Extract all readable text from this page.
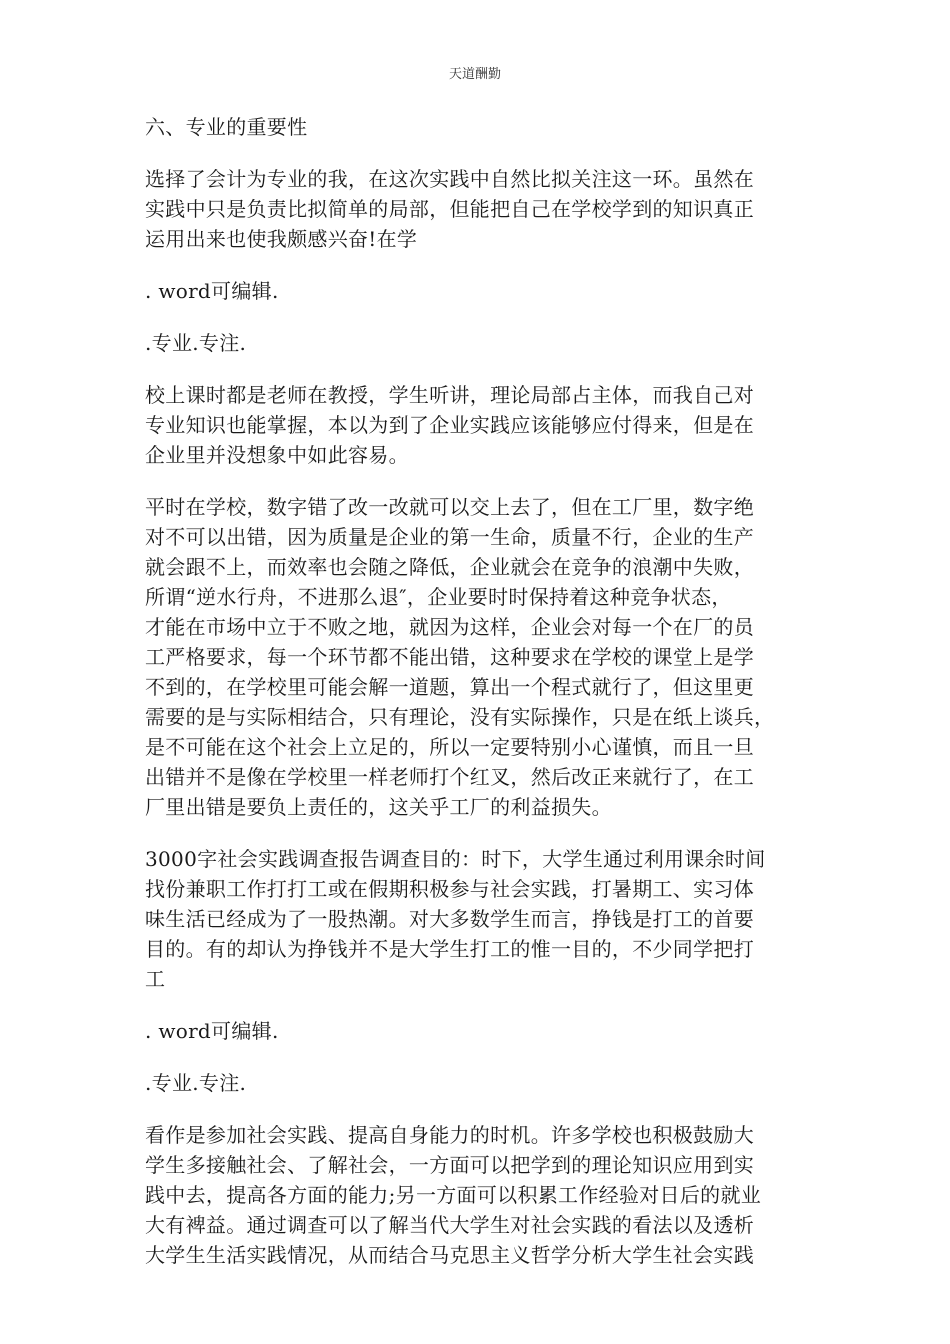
天道酬勤

六、专业的重要性

选择了会计为专业的我，在这次实践中自然比拟关注这一环。虽然在
实践中只是负责比拟简单的局部，但能把自己在学校学到的知识真正
运用出来也使我颇感兴奋!在学

. word可编辑.

.专业.专注.

校上课时都是老师在教授，学生听讲，理论局部占主体，而我自己对
专业知识也能掌握，本以为到了企业实践应该能够应付得来，但是在
企业里并没想象中如此容易。

平时在学校，数字错了改一改就可以交上去了，但在工厂里，数字绝
对不可以出错，因为质量是企业的第一生命，质量不行，企业的生产
就会跟不上，而效率也会随之降低，企业就会在竞争的浪潮中失败，
所谓“逆水行舟，不进那么退″，企业要时时保持着这种竞争状态，
才能在市场中立于不败之地，就因为这样，企业会对每一个在厂的员
工严格要求，每一个环节都不能出错，这种要求在学校的课堂上是学
不到的，在学校里可能会解一道题，算出一个程式就行了，但这里更
需要的是与实际相结合，只有理论，没有实际操作，只是在纸上谈兵，
是不可能在这个社会上立足的，所以一定要特别小心谨慎，而且一旦
出错并不是像在学校里一样老师打个红叉，然后改正来就行了，在工
厂里出错是要负上责任的，这关乎工厂的利益损失。

3000字社会实践调查报告调查目的：时下，大学生通过利用课余时间
找份兼职工作打打工或在假期积极参与社会实践，打暑期工、实习体
味生活已经成为了一股热潮。对大多数学生而言，挣钱是打工的首要
目的。有的却认为挣钱并不是大学生打工的惟一目的，不少同学把打
工

. word可编辑.

.专业.专注.

看作是参加社会实践、提高自身能力的时机。许多学校也积极鼓励大
学生多接触社会、了解社会，一方面可以把学到的理论知识应用到实
践中去，提高各方面的能力;另一方面可以积累工作经验对日后的就业
大有裨益。通过调查可以了解当代大学生对社会实践的看法以及透析
大学生生活实践情况，从而结合马克思主义哲学分析大学生社会实践
